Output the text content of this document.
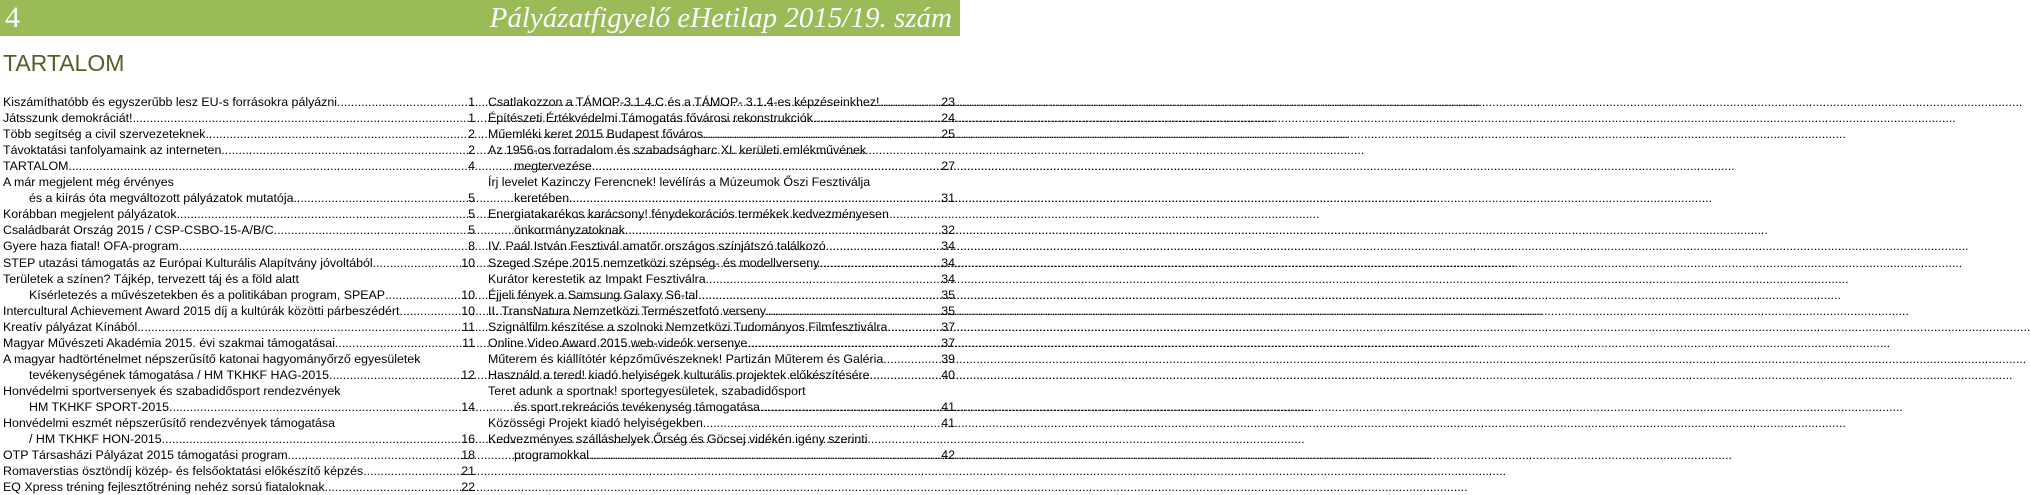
4	Pályázatfigyelő eHetilap 2015/19. szám
TARTALOM
Kiszámíthatóbb és egyszerűbb lesz EU-s forrásokra pályázni .....	1
Játsszunk demokráciát! .....	1
Több segítség a civil szervezeteknek .....	2
Távoktatási tanfolyamaink az interneten .....	2
TARTALOM .....	4
A már megjelent még érvényes
és a kiírás óta megváltozott pályázatok mutatója .....	5
Korábban megjelent pályázatok .....	5
Családbarát Ország 2015 / CSP-CSBO-15-A/B/C .....	5
Gyere haza fiatal! OFA-program .....	8
STEP utazási támogatás az Európai Kulturális Alapítvány jóvoltából .....	10
Területek a színen? Tájkép, tervezett táj és a föld alatt
Kísérletezés a művészetekben és a politikában program, SPEAP .....	10
Intercultural Achievement Award 2015 díj a kultúrák közötti párbeszédért .....	10
Kreatív pályázat Kínából .....	11
Magyar Művészeti Akadémia 2015. évi szakmai támogatásai .....	11
A magyar hadtörténelmet népszerűsítő katonai hagyományőrző egyesületek
tevékenységének támogatása / HM TKHKF HAG-2015 .....	12
Honvédelmi sportversenyek és szabadidősport rendezvények
HM TKHKF SPORT-2015 .....	14
Honvédelmi eszmét népszerűsítő rendezvények támogatása
/ HM TKHKF HON-2015 .....	16
OTP Társasházi Pályázat 2015 támogatási program .....	18
Romaverstias ösztöndíj közép- és felsőoktatási előkészítő képzés .....	21
EQ Xpress tréning fejlesztőtréning nehéz sorsú fiataloknak .....	22
Csatlakozzon a TÁMOP-3.1.4.C és a TÁMOP- 3.1.4-es képzéseinkhez! .....	23
Építészeti Értékvédelmi Támogatás fővárosi rekonstrukciók .....	24
Műemléki keret 2015 Budapest főváros .....	25
Az 1956-os forradalom és szabadságharc XI. kerületi emlékművének
megtervezése .....	27
Írj levelet Kazinczy Ferencnek! levélírás a Múzeumok Őszi Fesztiválja
keretében .....	31
Energiatakarékos karácsony! fénydekorációs termékek kedvezményesen
önkormányzatoknak .....	32
IV. Paál István Fesztivál amatőr országos színjátszó találkozó .....	34
Szeged Szépe 2015 nemzetközi szépség- és modellverseny .....	34
Kurátor kerestetik az Impakt Fesztiválra .....	34
Éjjeli fények a Samsung Galaxy S6-tal .....	35
II. TransNatura Nemzetközi Természetfotó verseny .....	35
Szignálfilm készítése a szolnoki Nemzetközi Tudományos Filmfesztiválra .....	37
Online Video Award 2015 web-videók versenye .....	37
Műterem és kiállítótér képzőművészeknek! Partizán Műterem és Galéria .....	39
Használd a tered! kiadó helyiségek kulturális projektek előkészítésére .....	40
Teret adunk a sportnak! sportegyesületek, szabadidősport
és sport rekreációs tevékenység támogatása .....	41
Közösségi Projekt kiadó helyiségekben .....	41
Kedvezményes szálláshelyek Őrség és Göcsej vidékén igény szerinti
programokkal .....	42
